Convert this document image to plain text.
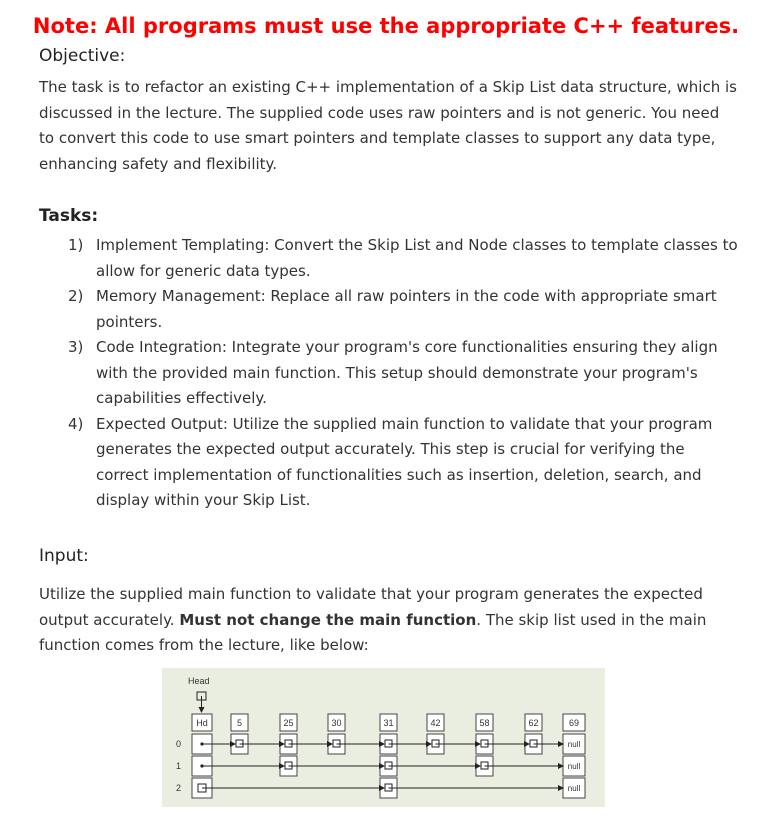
Note: All programs must use the appropriate C++ features.
Objective:
The task is to refactor an existing C++ implementation of a Skip List data structure, which is discussed in the lecture. The supplied code uses raw pointers and is not generic. You need to convert this code to use smart pointers and template classes to support any data type, enhancing safety and flexibility.
Tasks:
1) Implement Templating: Convert the Skip List and Node classes to template classes to allow for generic data types.
2) Memory Management: Replace all raw pointers in the code with appropriate smart pointers.
3) Code Integration: Integrate your program's core functionalities ensuring they align with the provided main function. This setup should demonstrate your program's capabilities effectively.
4) Expected Output: Utilize the supplied main function to validate that your program generates the expected output accurately. This step is crucial for verifying the correct implementation of functionalities such as insertion, deletion, search, and display within your Skip List.
Input:
Utilize the supplied main function to validate that your program generates the expected output accurately. Must not change the main function. The skip list used in the main function comes from the lecture, like below:
Head
0
1
2
Hd	5	25	30	31	42	58	62	69
null
null
null
